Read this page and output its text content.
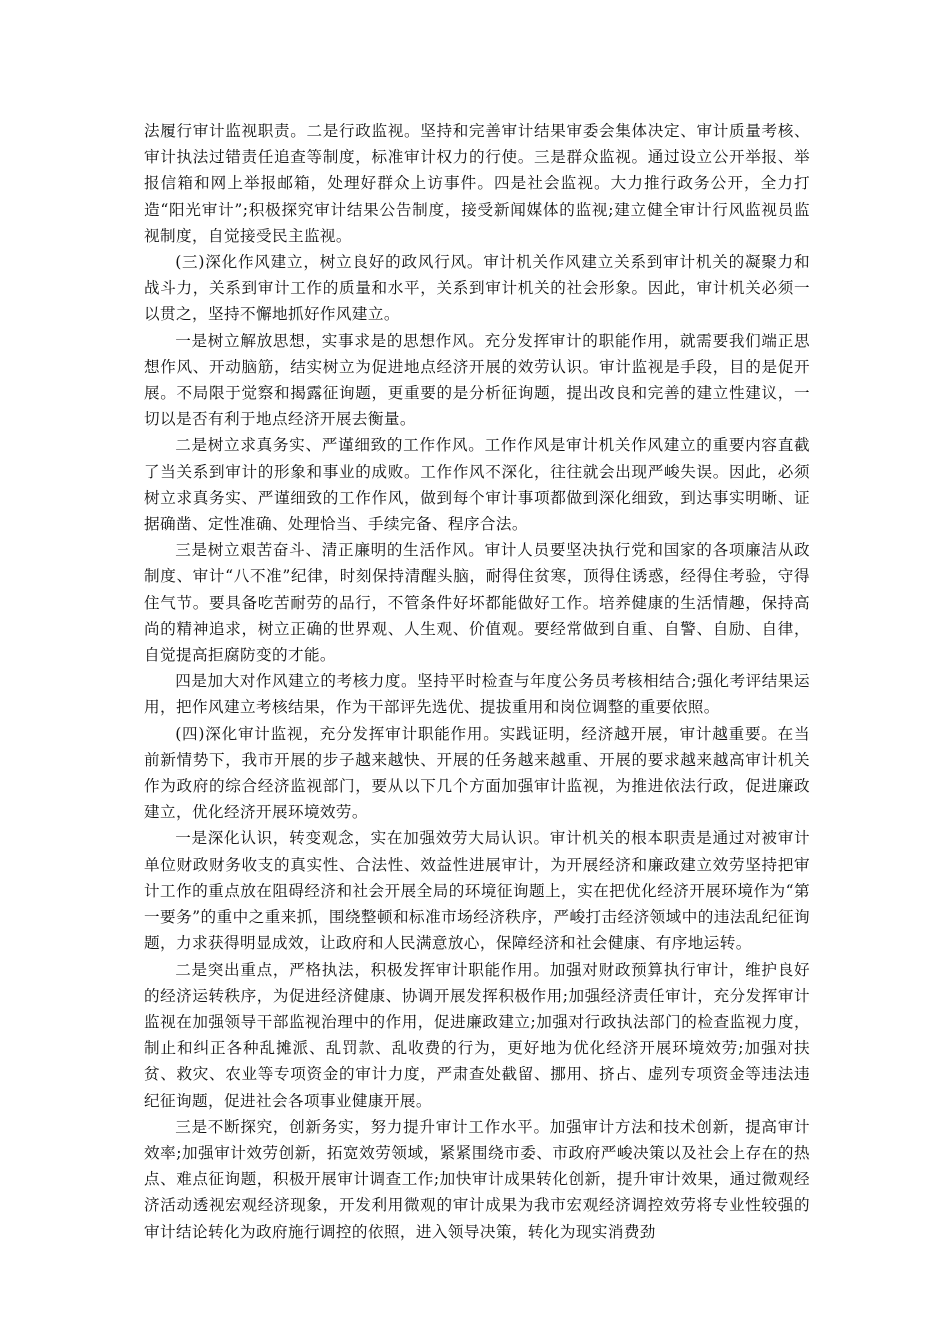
法履行审计监视职责。二是行政监视。坚持和完善审计结果审委会集体决定、审计质量考核、审计执法过错责任追查等制度，标准审计权力的行使。三是群众监视。通过设立公开举报、举报信箱和网上举报邮箱，处理好群众上访事件。四是社会监视。大力推行政务公开，全力打造“阳光审计”;积极探究审计结果公告制度，接受新闻媒体的监视;建立健全审计行风监视员监视制度，自觉接受民主监视。

(三)深化作风建立，树立良好的政风行风。审计机关作风建立关系到审计机关的凝聚力和战斗力，关系到审计工作的质量和水平，关系到审计机关的社会形象。因此，审计机关必须一以贯之，坚持不懈地抓好作风建立。

一是树立解放思想，实事求是的思想作风。充分发挥审计的职能作用，就需要我们端正思想作风、开动脑筋，结实树立为促进地点经济开展的效劳认识。审计监视是手段，目的是促开展。不局限于觉察和揭露征询题，更重要的是分析征询题，提出改良和完善的建立性建议，一切以是否有利于地点经济开展去衡量。

二是树立求真务实、严谨细致的工作作风。工作作风是审计机关作风建立的重要内容直截了当关系到审计的形象和事业的成败。工作作风不深化，往往就会出现严峻失误。因此，必须树立求真务实、严谨细致的工作作风，做到每个审计事项都做到深化细致，到达事实明晰、证据确凿、定性准确、处理恰当、手续完备、程序合法。

三是树立艰苦奋斗、清正廉明的生活作风。审计人员要坚决执行党和国家的各项廉洁从政制度、审计“八不准”纪律，时刻保持清醒头脑，耐得住贫寒，顶得住诱惑，经得住考验，守得住气节。要具备吃苦耐劳的品行，不管条件好坏都能做好工作。培养健康的生活情趣，保持高尚的精神追求，树立正确的世界观、人生观、价值观。要经常做到自重、自警、自励、自律，自觉提高拒腐防变的才能。

四是加大对作风建立的考核力度。坚持平时检查与年度公务员考核相结合;强化考评结果运用，把作风建立考核结果，作为干部评先选优、提拔重用和岗位调整的重要依照。

(四)深化审计监视，充分发挥审计职能作用。实践证明，经济越开展，审计越重要。在当前新情势下，我市开展的步子越来越快、开展的任务越来越重、开展的要求越来越高审计机关作为政府的综合经济监视部门，要从以下几个方面加强审计监视，为推进依法行政，促进廉政建立，优化经济开展环境效劳。

一是深化认识，转变观念，实在加强效劳大局认识。审计机关的根本职责是通过对被审计单位财政财务收支的真实性、合法性、效益性进展审计，为开展经济和廉政建立效劳坚持把审计工作的重点放在阻碍经济和社会开展全局的环境征询题上，实在把优化经济开展环境作为“第一要务”的重中之重来抓，围绕整顿和标准市场经济秩序，严峻打击经济领域中的违法乱纪征询题，力求获得明显成效，让政府和人民满意放心，保障经济和社会健康、有序地运转。

二是突出重点，严格执法，积极发挥审计职能作用。加强对财政预算执行审计，维护良好的经济运转秩序，为促进经济健康、协调开展发挥积极作用;加强经济责任审计，充分发挥审计监视在加强领导干部监视治理中的作用，促进廉政建立;加强对行政执法部门的检查监视力度，制止和纠正各种乱摊派、乱罚款、乱收费的行为，更好地为优化经济开展环境效劳;加强对扶贫、救灾、农业等专项资金的审计力度，严肃查处截留、挪用、挤占、虚列专项资金等违法违纪征询题，促进社会各项事业健康开展。

三是不断探究，创新务实，努力提升审计工作水平。加强审计方法和技术创新，提高审计效率;加强审计效劳创新，拓宽效劳领域，紧紧围绕市委、市政府严峻决策以及社会上存在的热点、难点征询题，积极开展审计调查工作;加快审计成果转化创新，提升审计效果，通过微观经济活动透视宏观经济现象，开发利用微观的审计成果为我市宏观经济调控效劳将专业性较强的审计结论转化为政府施行调控的依照，进入领导决策，转化为现实消费劲
